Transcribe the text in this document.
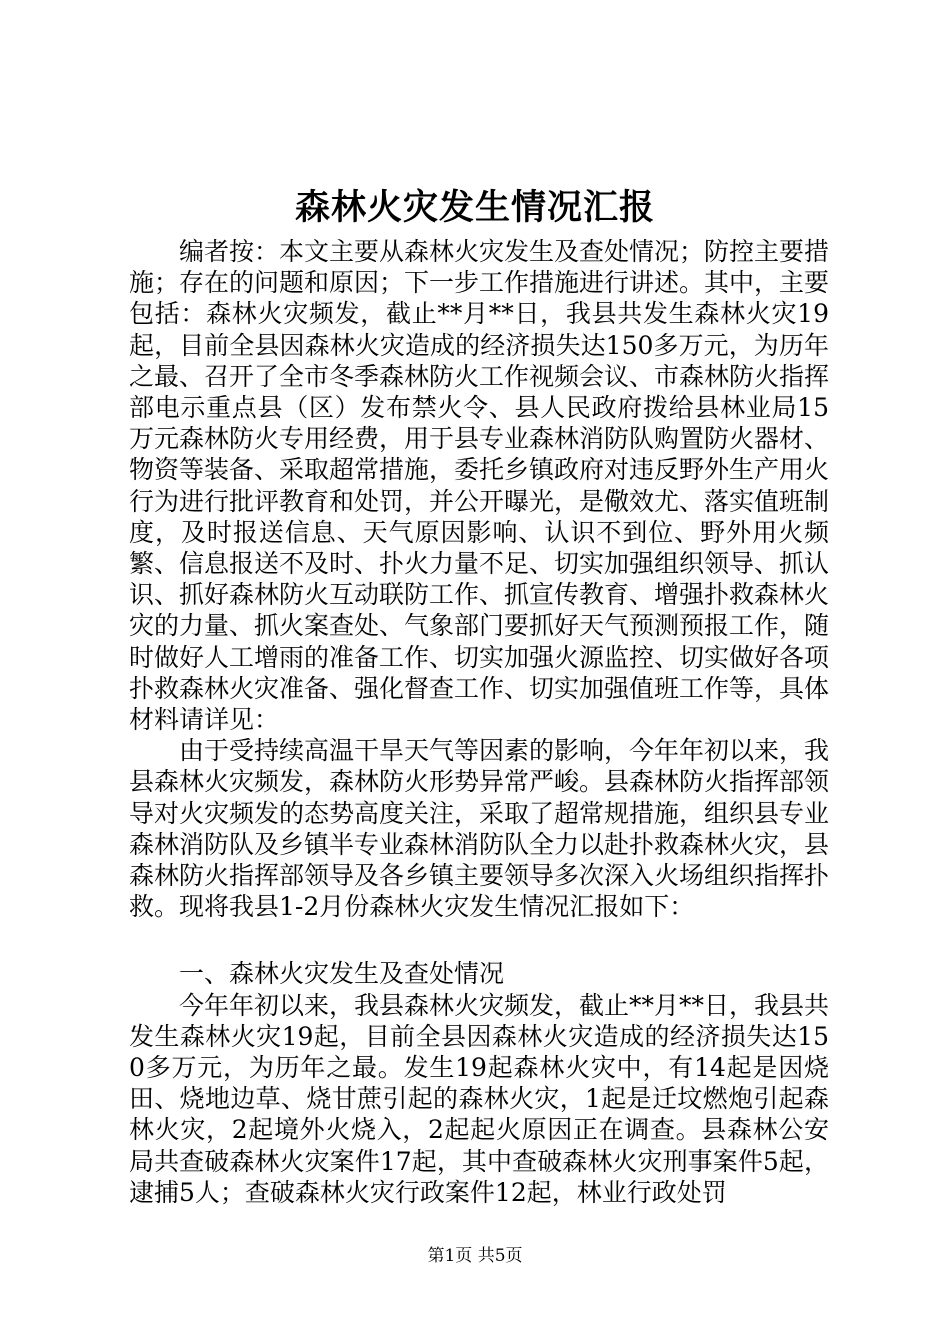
森林火灾发生情况汇报

编者按：本文主要从森林火灾发生及查处情况；防控主要措施；存在的问题和原因；下一步工作措施进行讲述。其中，主要包括：森林火灾频发，截止**月**日，我县共发生森林火灾19起，目前全县因森林火灾造成的经济损失达150多万元，为历年之最、召开了全市冬季森林防火工作视频会议、市森林防火指挥部电示重点县（区）发布禁火令、县人民政府拨给县林业局15万元森林防火专用经费，用于县专业森林消防队购置防火器材、物资等装备、采取超常措施，委托乡镇政府对违反野外生产用火行为进行批评教育和处罚，并公开曝光，是儆效尤、落实值班制度，及时报送信息、天气原因影响、认识不到位、野外用火频繁、信息报送不及时、扑火力量不足、切实加强组织领导、抓认识、抓好森林防火互动联防工作、抓宣传教育、增强扑救森林火灾的力量、抓火案查处、气象部门要抓好天气预测预报工作，随时做好人工增雨的准备工作、切实加强火源监控、切实做好各项扑救森林火灾准备、强化督查工作、切实加强值班工作等，具体材料请详见：

由于受持续高温干旱天气等因素的影响，今年年初以来，我县森林火灾频发，森林防火形势异常严峻。县森林防火指挥部领导对火灾频发的态势高度关注，采取了超常规措施，组织县专业森林消防队及乡镇半专业森林消防队全力以赴扑救森林火灾，县森林防火指挥部领导及各乡镇主要领导多次深入火场组织指挥扑救。现将我县1-2月份森林火灾发生情况汇报如下：

一、森林火灾发生及查处情况

今年年初以来，我县森林火灾频发，截止**月**日，我县共发生森林火灾19起，目前全县因森林火灾造成的经济损失达150多万元，为历年之最。发生19起森林火灾中，有14起是因烧田、烧地边草、烧甘蔗引起的森林火灾，1起是迁坟燃炮引起森林火灾，2起境外火烧入，2起起火原因正在调查。县森林公安局共查破森林火灾案件17起，其中查破森林火灾刑事案件5起，逮捕5人；查破森林火灾行政案件12起，林业行政处罚

第1页 共5页
